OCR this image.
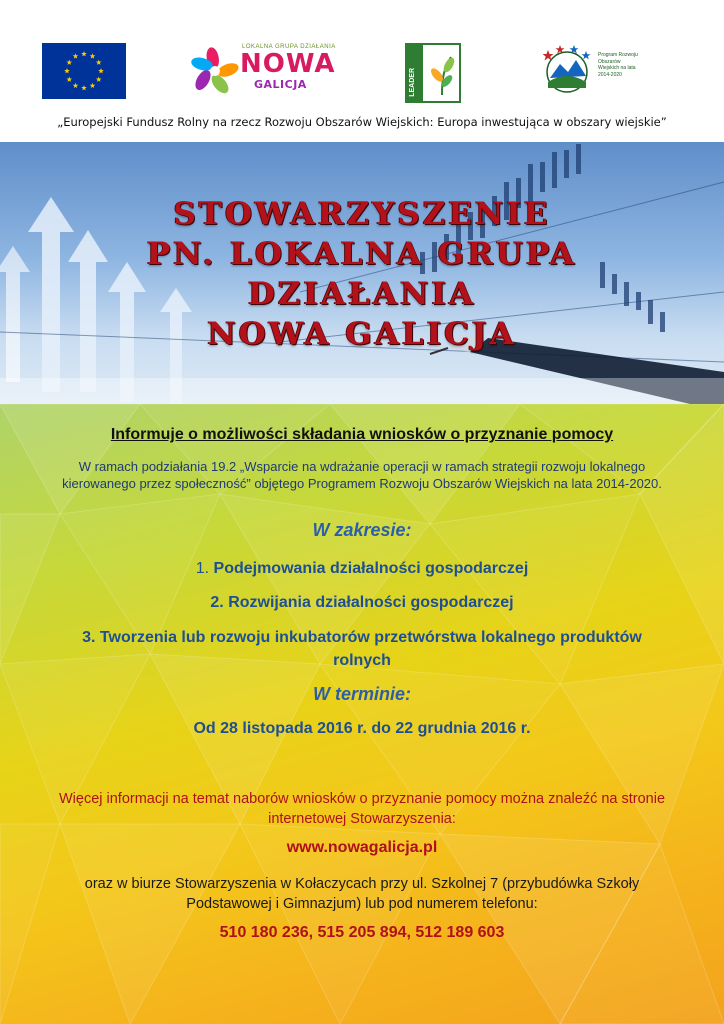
LOKALNA GRUPA DZIAŁANIA
NOWA
GALICJA	LEADER
Program Rozwoju Obszarów Wiejskich na lata 2014-2020
„Europejski Fundusz Rolny na rzecz Rozwoju Obszarów Wiejskich: Europa inwestująca w obszary wiejskie”
STOWARZYSZENIE
PN. LOKALNA GRUPA
DZIAŁANIA
NOWA GALICJA
Informuje o możliwości składania wniosków o przyznanie pomocy
W ramach podziałania 19.2 „Wsparcie na wdrażanie operacji w ramach strategii rozwoju lokalnego kierowanego przez społeczność” objętego Programem Rozwoju Obszarów Wiejskich na lata 2014-2020.
W zakresie:
1. Podejmowania działalności gospodarczej
2. Rozwijania działalności gospodarczej
3. Tworzenia lub rozwoju inkubatorów przetwórstwa lokalnego produktów rolnych
W terminie:
Od 28 listopada 2016 r. do 22 grudnia 2016 r.
Więcej informacji na temat naborów wniosków o przyznanie pomocy można znaleźć na stronie internetowej Stowarzyszenia:
www.nowagalicja.pl
oraz w biurze Stowarzyszenia w Kołaczycach przy ul. Szkolnej 7 (przybudówka Szkoły Podstawowej i Gimnazjum) lub pod numerem telefonu:
510 180 236, 515 205 894, 512 189 603
